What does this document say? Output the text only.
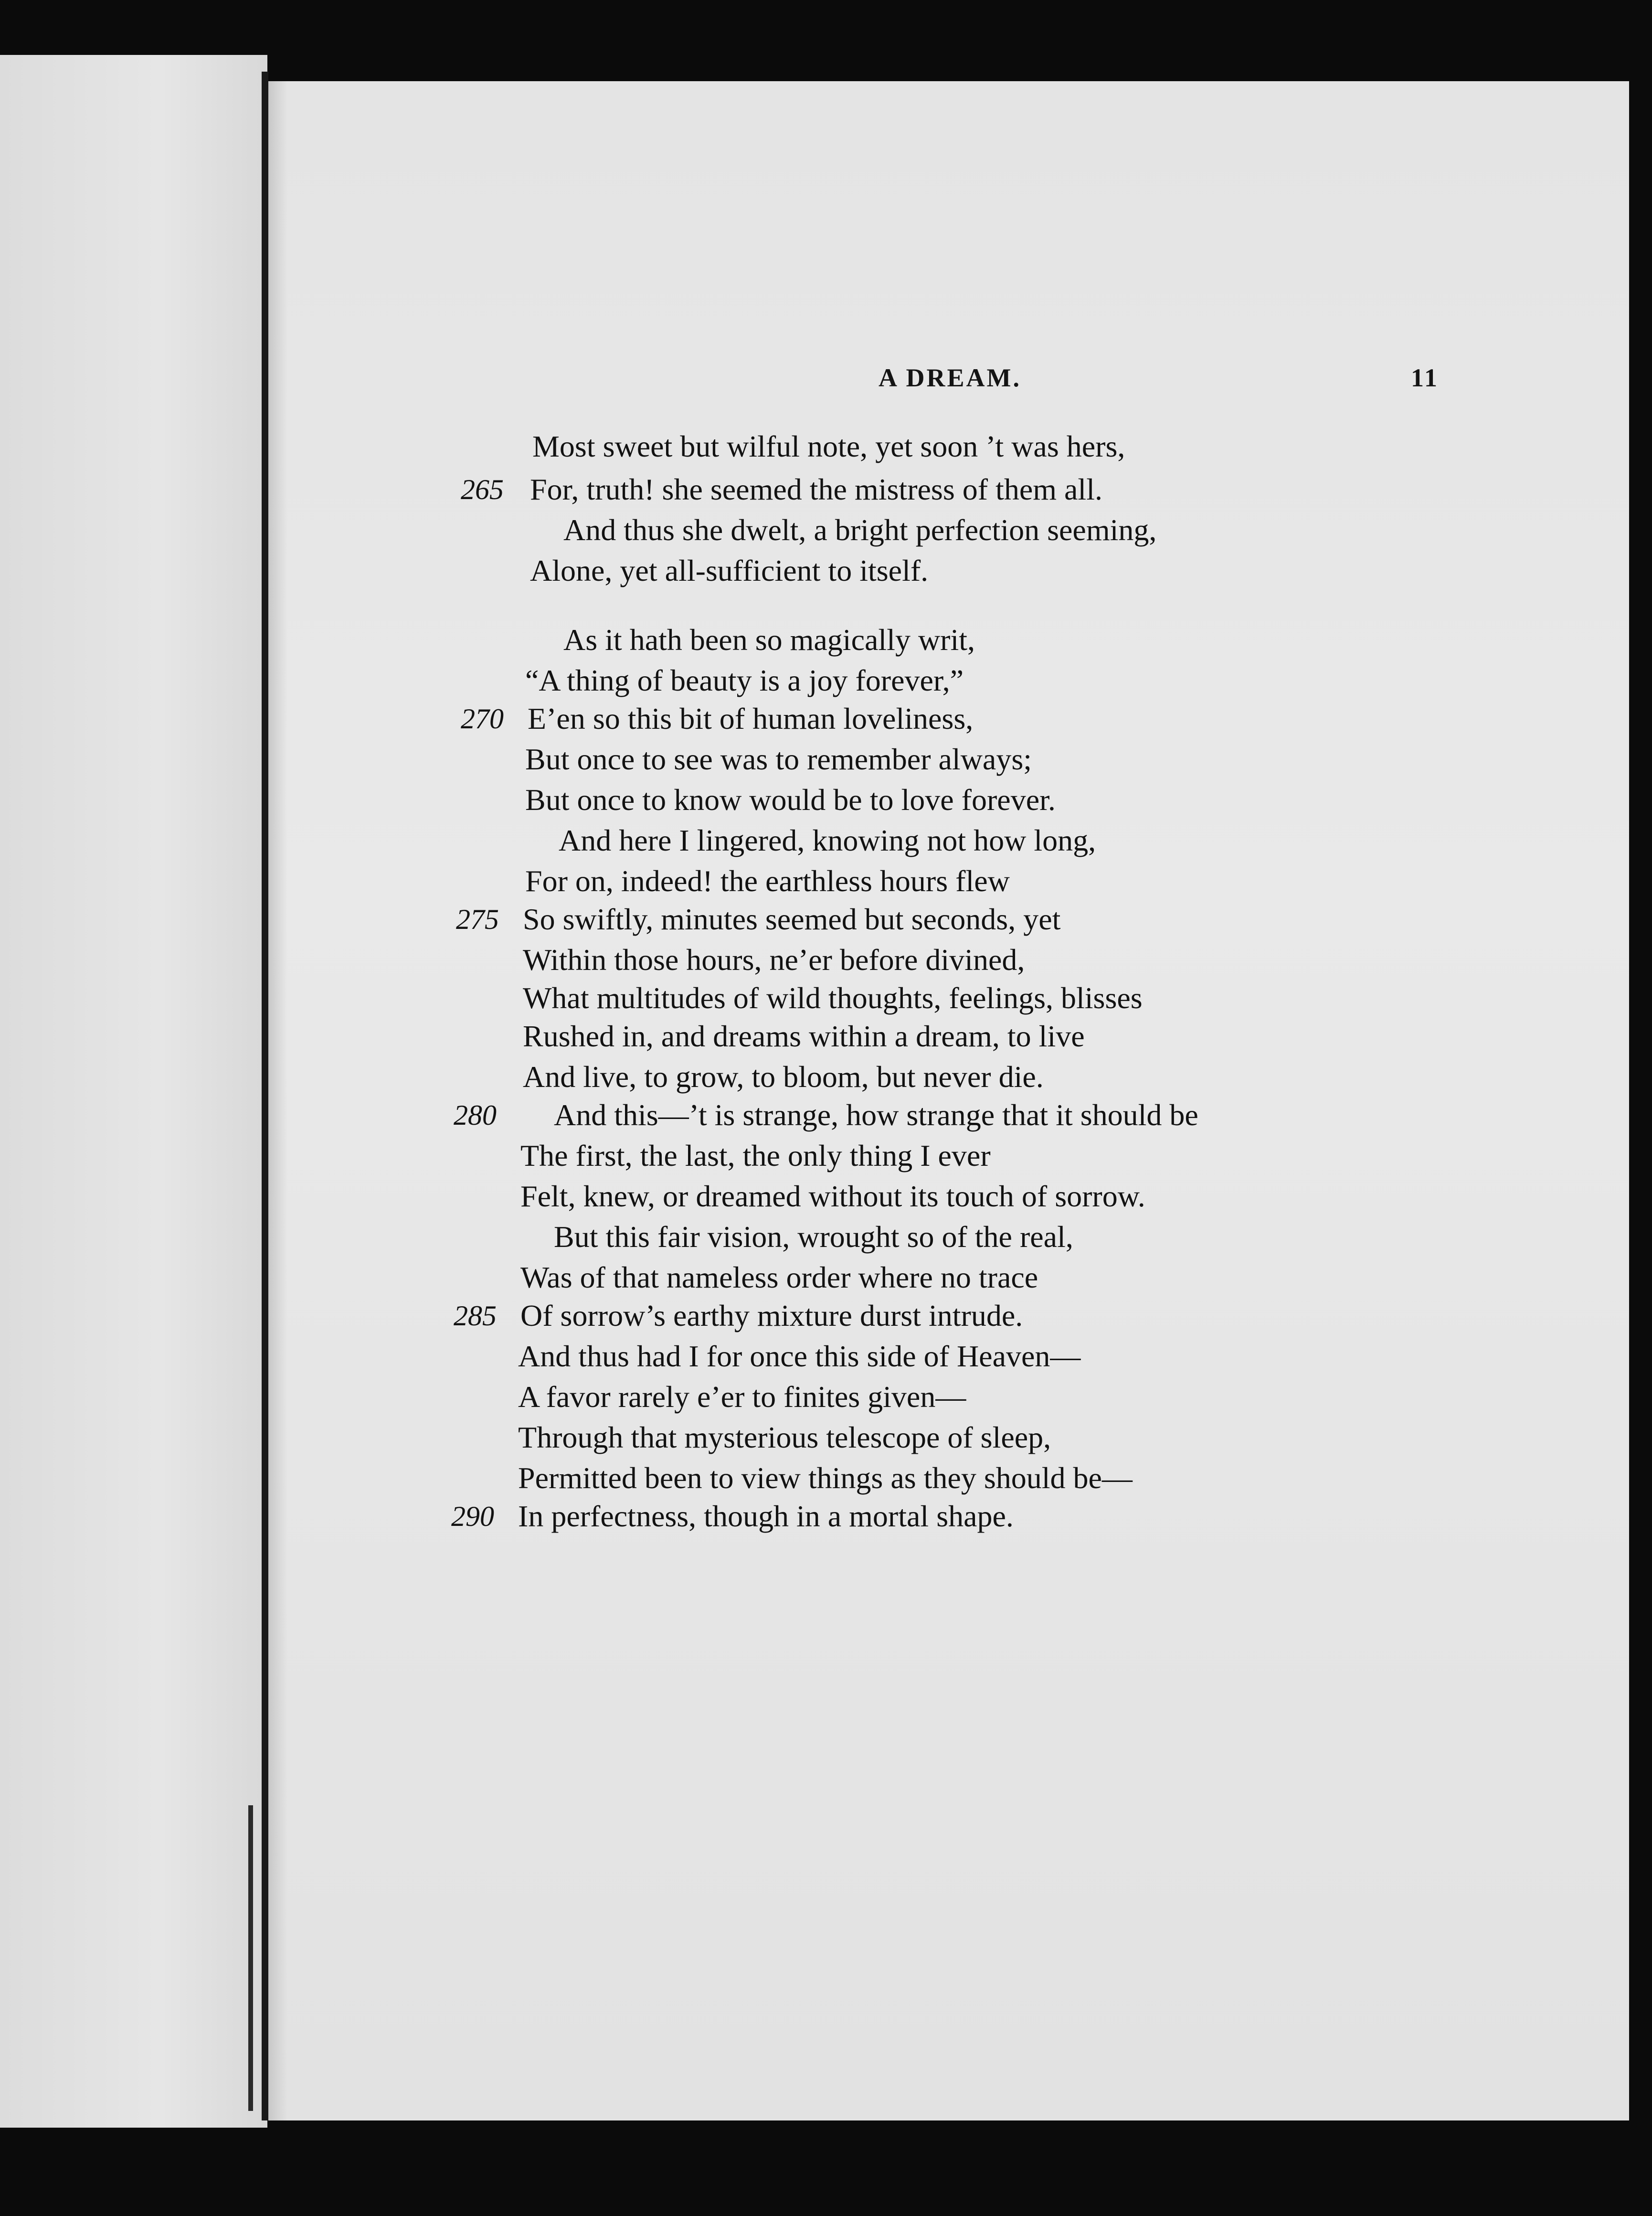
A DREAM.	11
Most sweet but wilful note, yet soon ’t was hers,
265 For, truth! she seemed the mistress of them all.
And thus she dwelt, a bright perfection seeming,
Alone, yet all-sufficient to itself.
As it hath been so magically writ,
“A thing of beauty is a joy forever,”
270 E’en so this bit of human loveliness,
But once to see was to remember always;
But once to know would be to love forever.
And here I lingered, knowing not how long,
For on, indeed! the earthless hours flew
275 So swiftly, minutes seemed but seconds, yet
Within those hours, ne’er before divined,
What multitudes of wild thoughts, feelings, blisses
Rushed in, and dreams within a dream, to live
And live, to grow, to bloom, but never die.
280 And this—’t is strange, how strange that it should be
The first, the last, the only thing I ever
Felt, knew, or dreamed without its touch of sorrow.
But this fair vision, wrought so of the real,
Was of that nameless order where no trace
285 Of sorrow’s earthy mixture durst intrude.
And thus had I for once this side of Heaven—
A favor rarely e’er to finites given—
Through that mysterious telescope of sleep,
Permitted been to view things as they should be—
290 In perfectness, though in a mortal shape.
